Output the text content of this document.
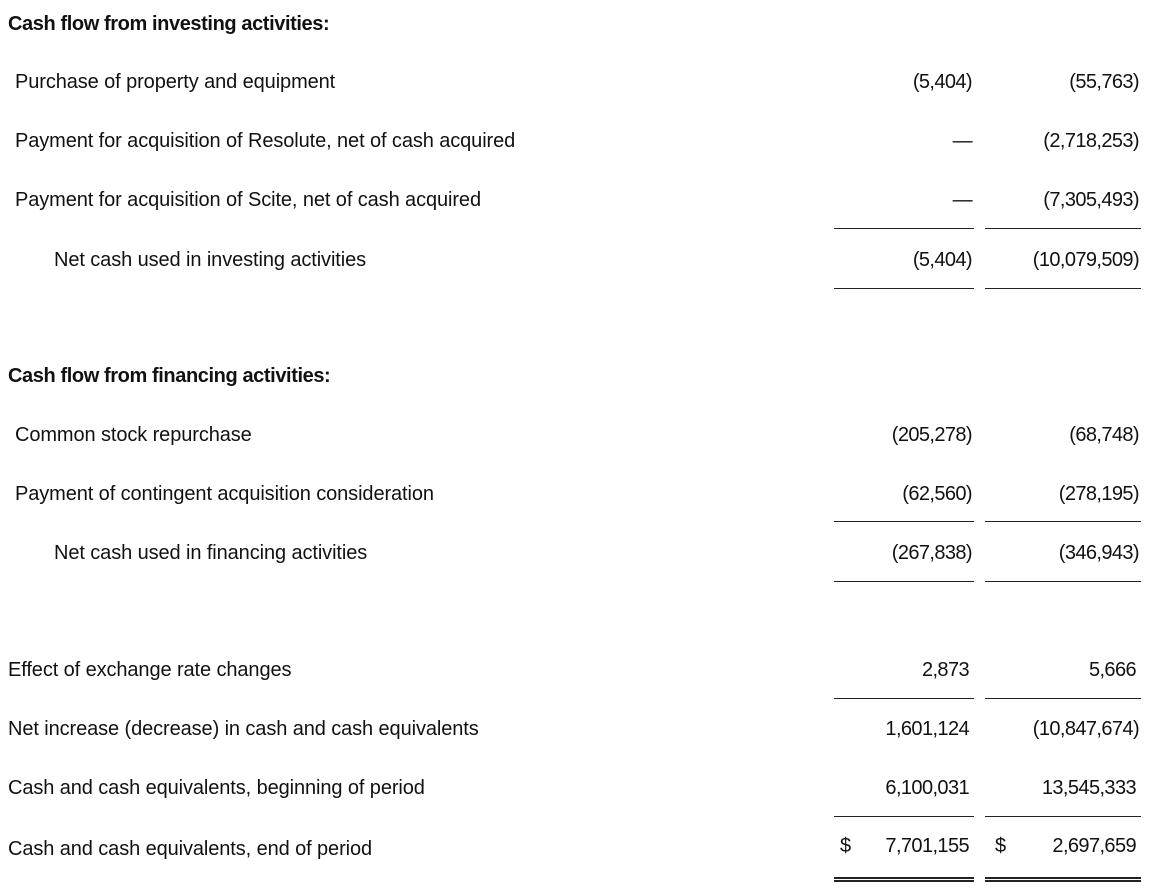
Cash flow from investing activities:
Purchase of property and equipment	(5,404)	(55,763)
Payment for acquisition of Resolute, net of cash acquired	—	(2,718,253)
Payment for acquisition of Scite, net of cash acquired	—	(7,305,493)
Net cash used in investing activities	(5,404)	(10,079,509)
Cash flow from financing activities:
Common stock repurchase	(205,278)	(68,748)
Payment of contingent acquisition consideration	(62,560)	(278,195)
Net cash used in financing activities	(267,838)	(346,943)
Effect of exchange rate changes	2,873	5,666
Net increase (decrease) in cash and cash equivalents	1,601,124	(10,847,674)
Cash and cash equivalents, beginning of period	6,100,031	13,545,333
Cash and cash equivalents, end of period	$ 7,701,155 $ 2,697,659
